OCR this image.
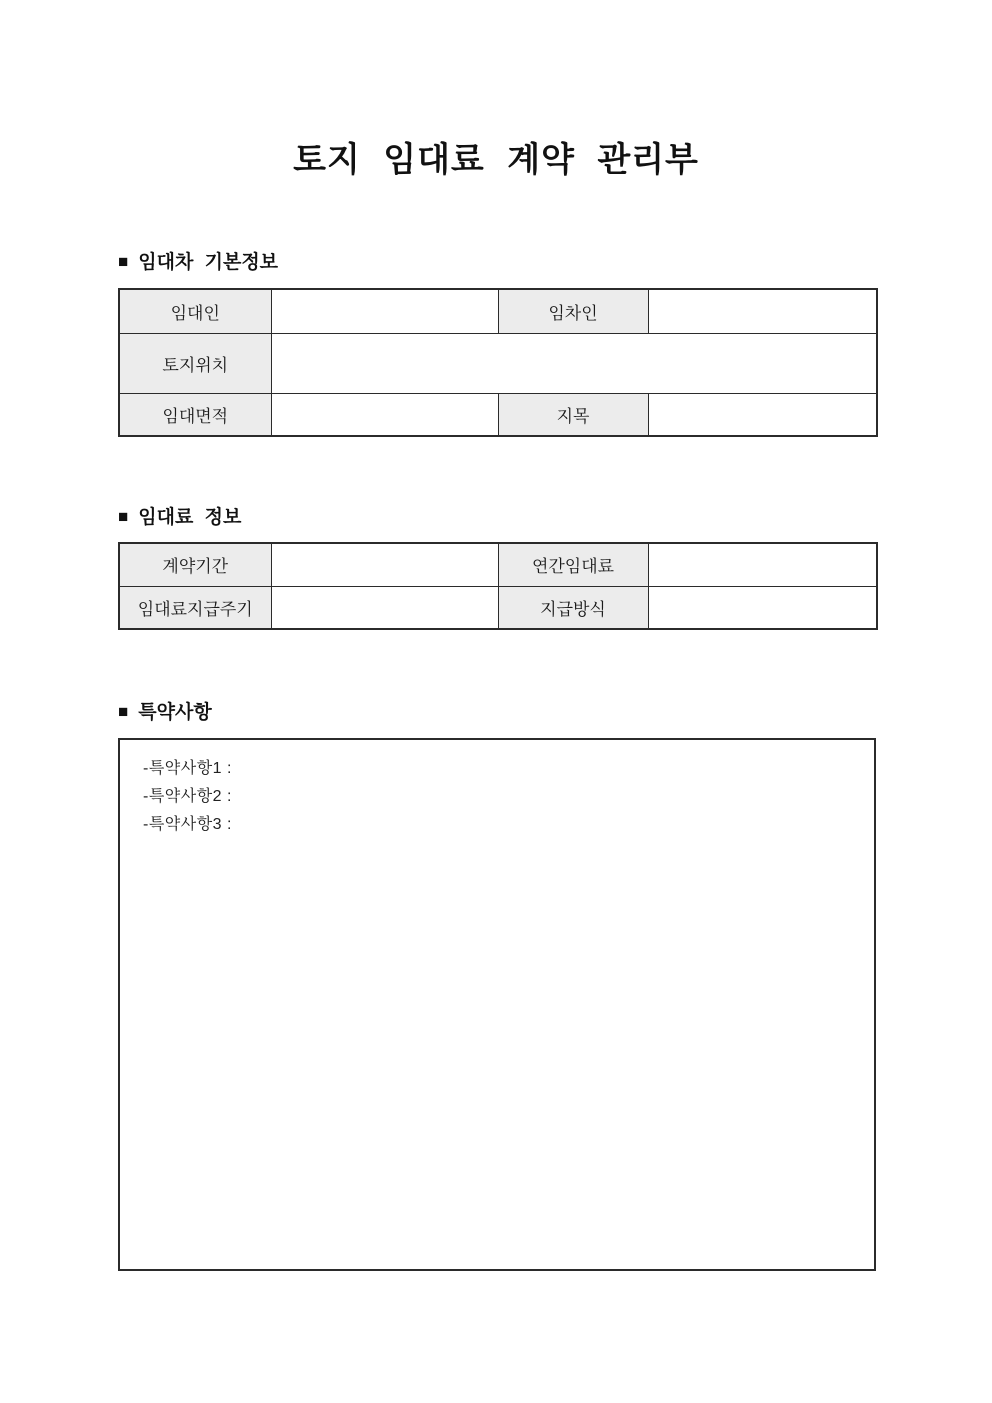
토지 임대료 계약 관리부
■ 임대차 기본정보
임대인		임차인	
토지위치			
임대면적		지목	
■ 임대료 정보
계약기간		연간임대료	
임대료지급주기		지급방식	
■ 특약사항
-특약사항1 :
-특약사항2 :
-특약사항3 :
